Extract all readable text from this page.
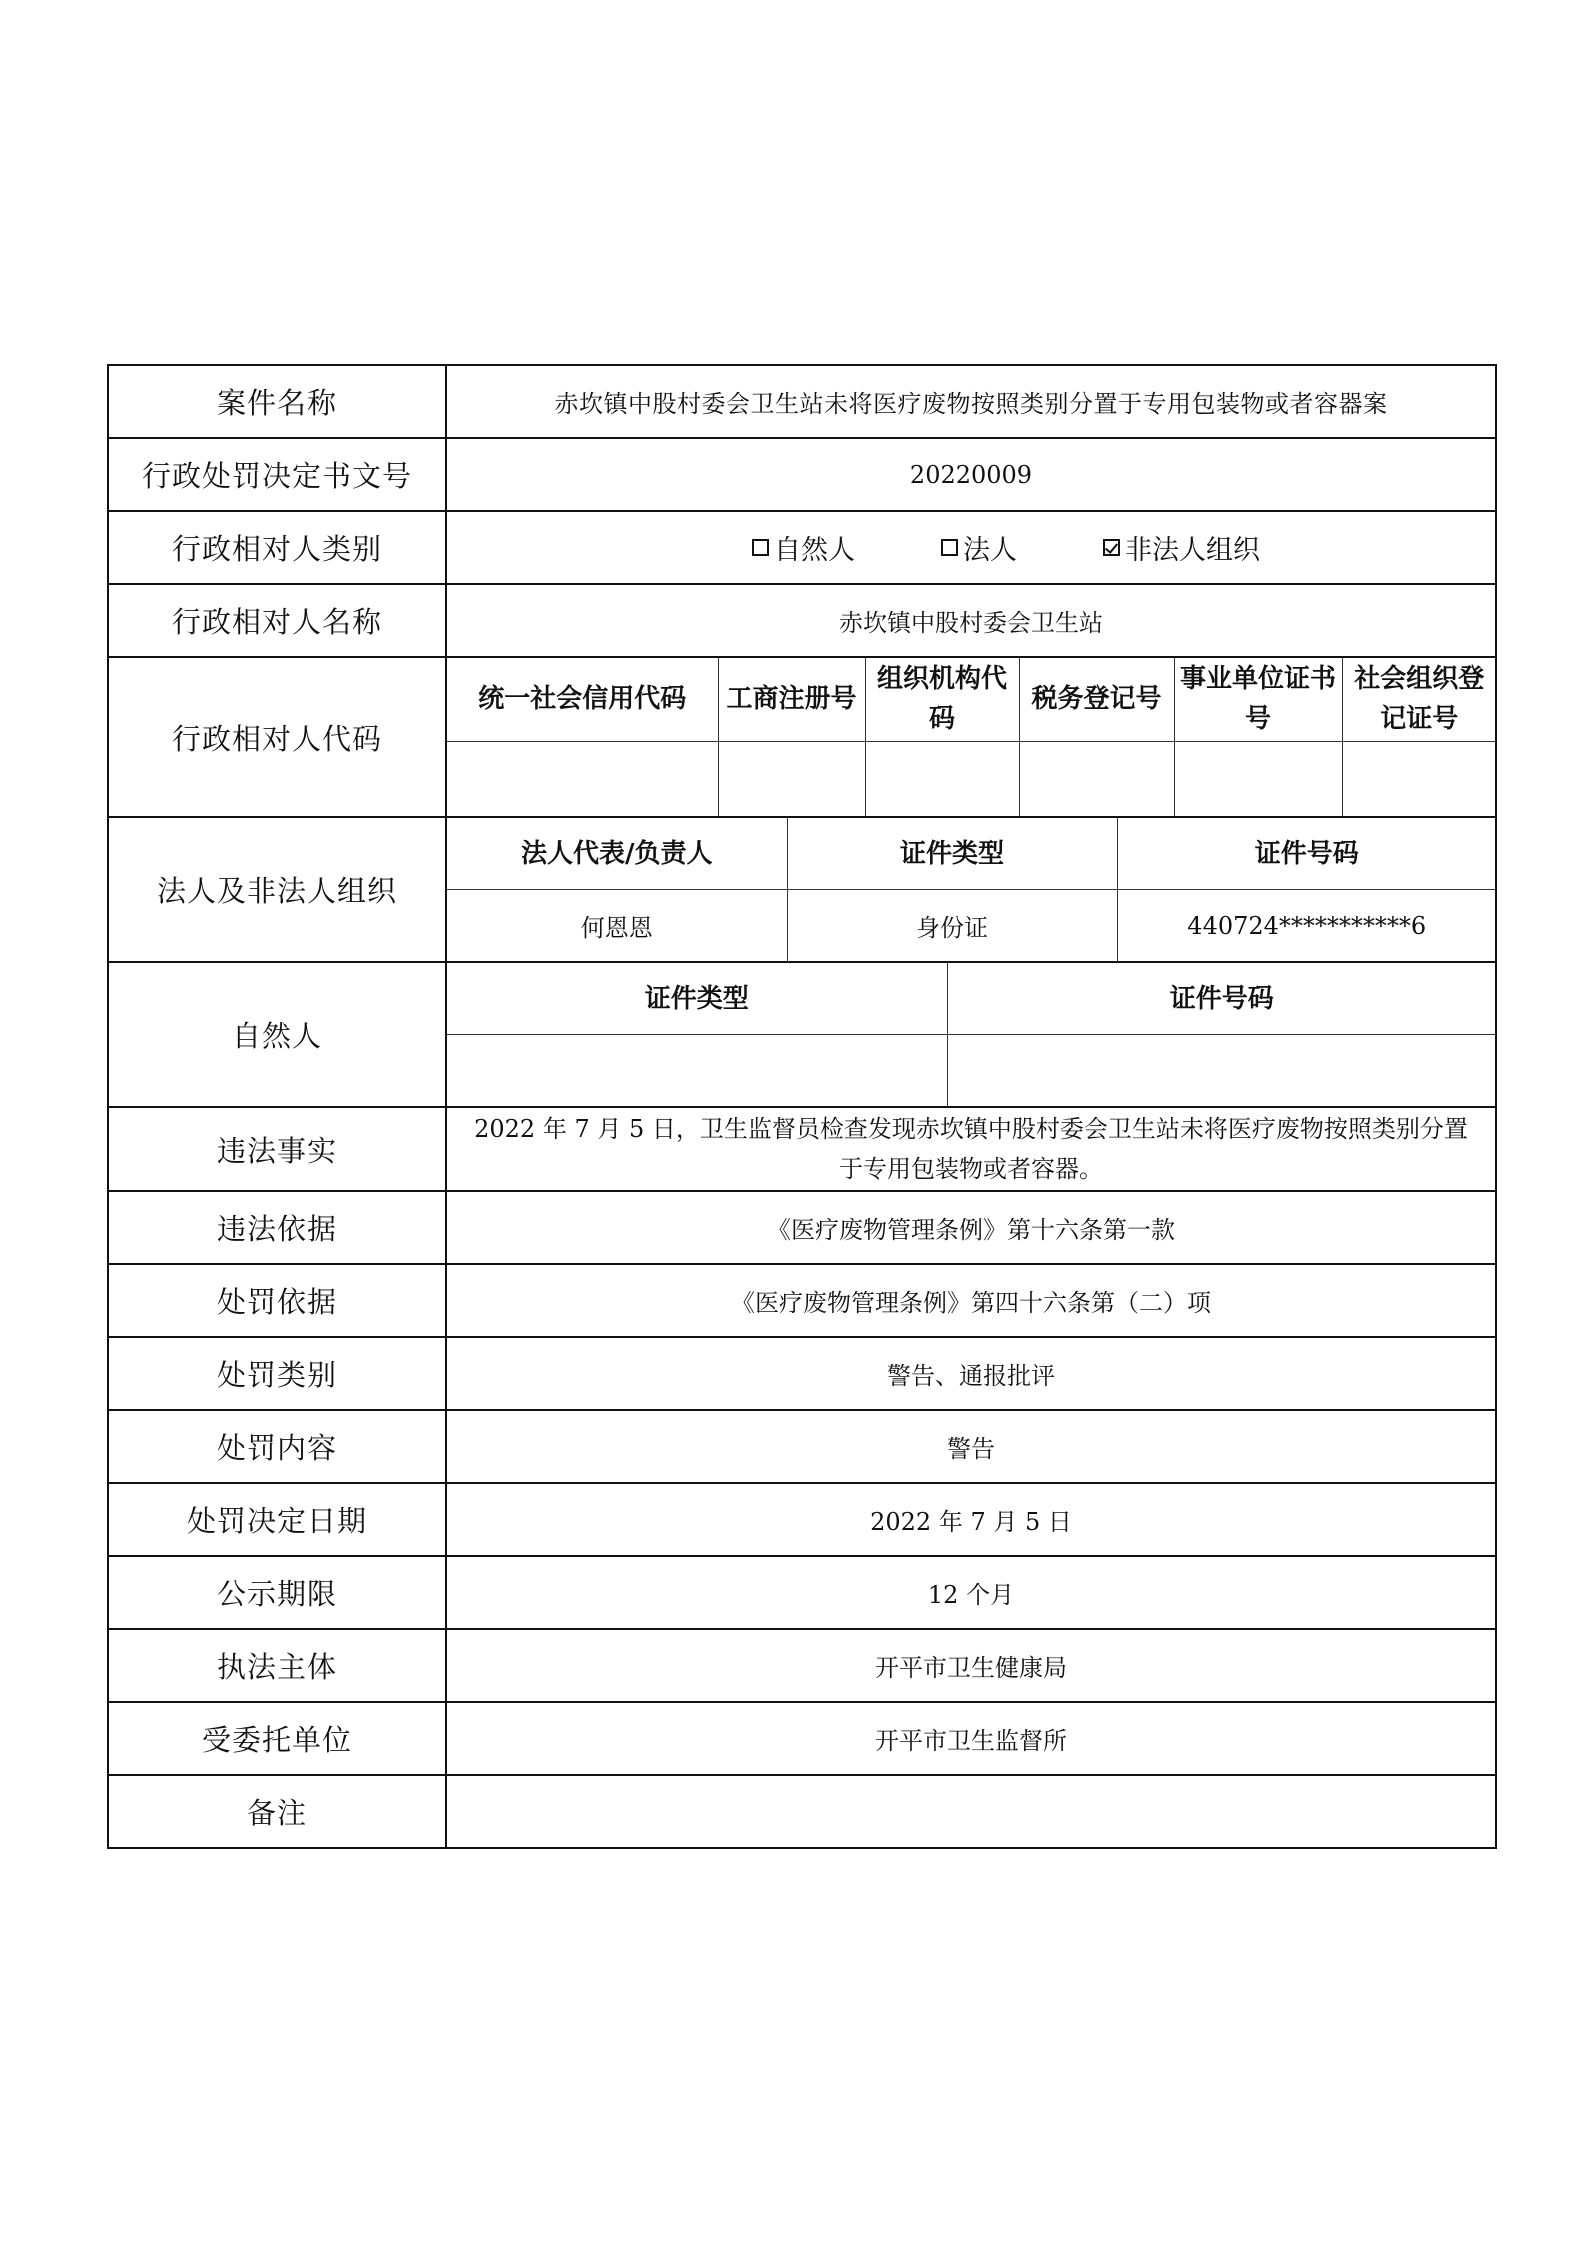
案件名称	赤坎镇中股村委会卫生站未将医疗废物按照类别分置于专用包装物或者容器案
行政处罚决定书文号	20220009
行政相对人类别	自然人	法人	非法人组织

行政相对人名称	赤坎镇中股村委会卫生站
行政相对人代码	
统一社会信用代码	工商注册号	组织机构代码	税务登记号	事业单位证书号	社会组织登记证号

法人及非法人组织	
法人代表/负责人	证件类型	证件号码
何恩恩	身份证	440724***********6

自然人	
证件类型	证件号码

违法事实	
2022 年 7 月 5 日，卫生监督员检查发现赤坎镇中股村委会卫生站未将医疗废物按照类别分置于专用包装物或者容器。

违法依据	《医疗废物管理条例》第十六条第一款
处罚依据	《医疗废物管理条例》第四十六条第（二）项
处罚类别	警告、通报批评
处罚内容	警告
处罚决定日期	2022 年 7 月 5 日
公示期限	12 个月
执法主体	开平市卫生健康局
受委托单位	开平市卫生监督所
备注	
